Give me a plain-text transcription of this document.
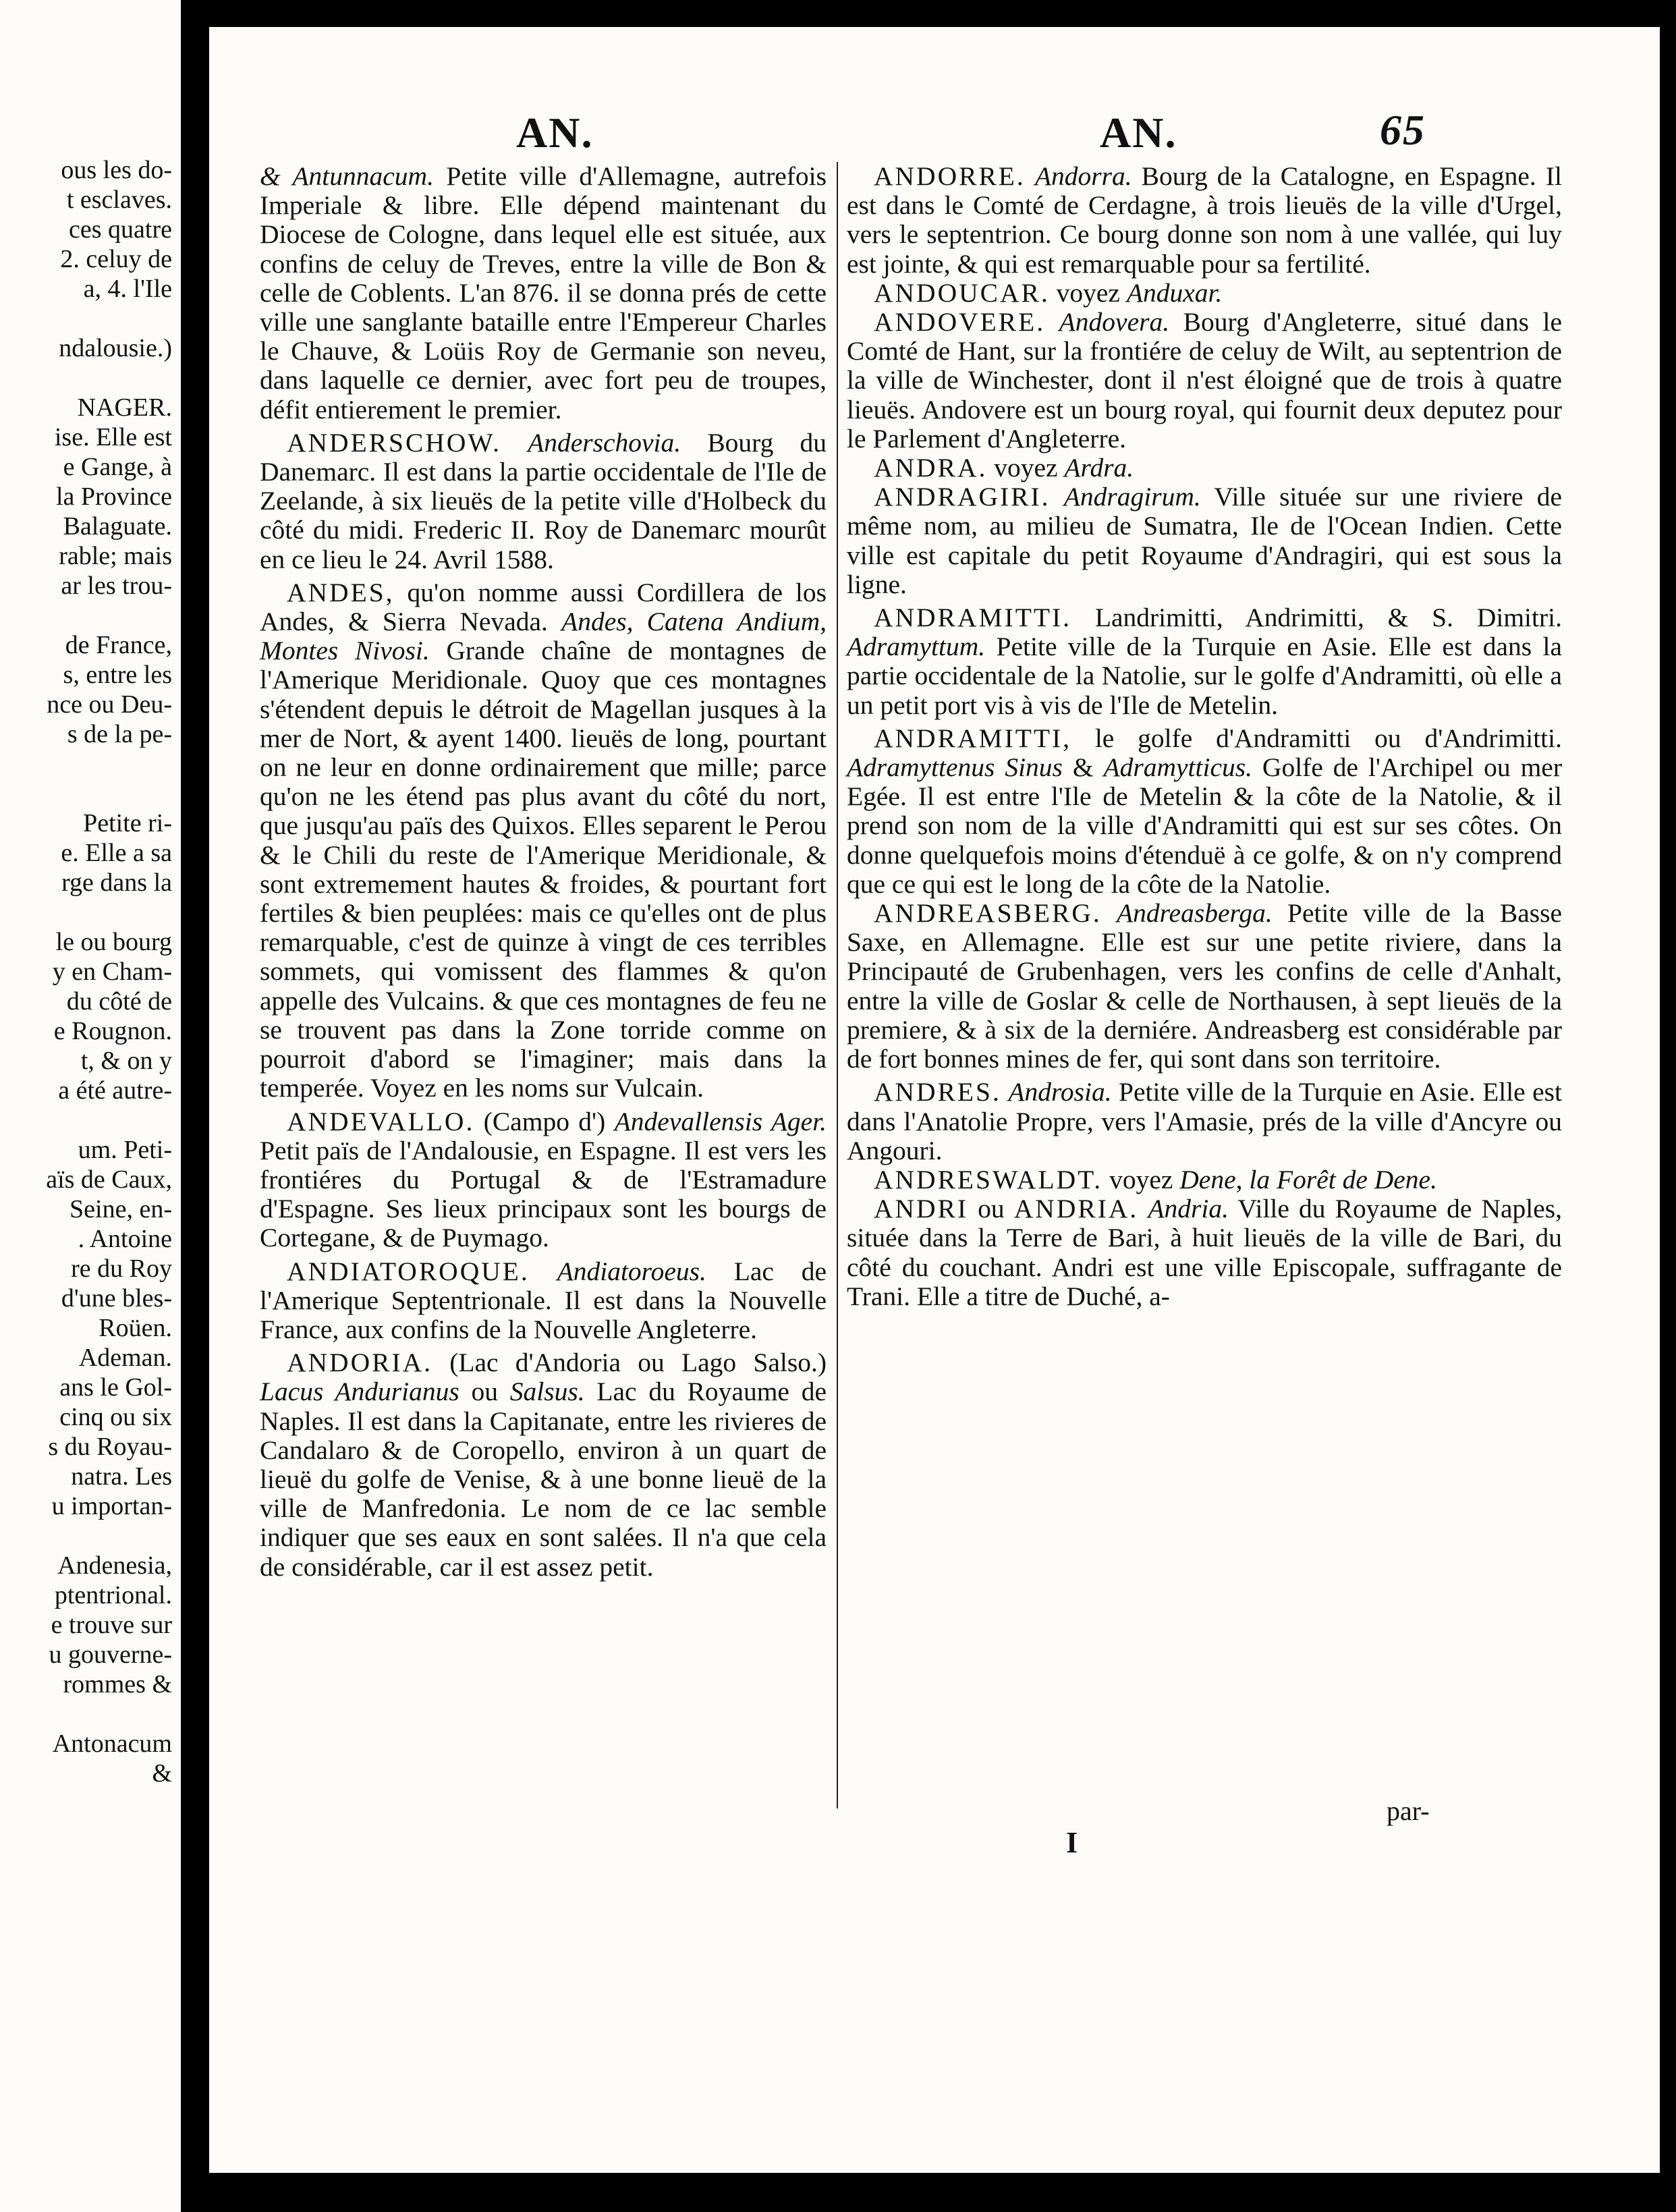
ous les do-
t esclaves.
ces quatre
2. celuy de
a, 4. l'Ile
ndalousie.)
NAGER.
ise. Elle est
e Gange, à
la Province
Balaguate.
rable; mais
ar les trou-
de France,
s, entre les
nce ou Deu-
s de la pe-
Petite ri-
e. Elle a sa
rge dans la
le ou bourg
y en Cham-
du côté de
e Rougnon.
t, & on y
a été autre-
um. Peti-
aïs de Caux,
Seine, en-
. Antoine
re du Roy
d'une bles-
Roüen.
Ademan.
ans le Gol-
cinq ou six
s du Royau-
natra. Les
u importan-
Andenesia,
ptentrional.
e trouve sur
u gouverne-
rommes &
Antonacum
&
AN.	AN.	65

& Antunnacum. Petite ville d'Allemagne, autrefois Imperiale & libre. Elle dépend maintenant du Diocese de Cologne, dans lequel elle est située, aux confins de celuy de Treves, entre la ville de Bon & celle de Coblents. L'an 876. il se donna prés de cette ville une sanglante bataille entre l'Empereur Charles le Chauve, & Loüis Roy de Germanie son neveu, dans laquelle ce dernier, avec fort peu de troupes, défit entierement le premier.

ANDERSCHOW. Anderschovia. Bourg du Danemarc. Il est dans la partie occidentale de l'Ile de Zeelande, à six lieuës de la petite ville d'Holbeck du côté du midi. Frederic II. Roy de Danemarc mourût en ce lieu le 24. Avril 1588.

ANDES, qu'on nomme aussi Cordillera de los Andes, & Sierra Nevada. Andes, Catena Andium, Montes Nivosi. Grande chaîne de montagnes de l'Amerique Meridionale. Quoy que ces montagnes s'étendent depuis le détroit de Magellan jusques à la mer de Nort, & ayent 1400. lieuës de long, pourtant on ne leur en donne ordinairement que mille; parce qu'on ne les étend pas plus avant du côté du nort, que jusqu'au païs des Quixos. Elles separent le Perou & le Chili du reste de l'Amerique Meridionale, & sont extremement hautes & froides, & pourtant fort fertiles & bien peuplées: mais ce qu'elles ont de plus remarquable, c'est de quinze à vingt de ces terribles sommets, qui vomissent des flammes & qu'on appelle des Vulcains. & que ces montagnes de feu ne se trouvent pas dans la Zone torride comme on pourroit d'abord se l'imaginer; mais dans la temperée. Voyez en les noms sur Vulcain.

ANDEVALLO. (Campo d') Andevallensis Ager. Petit païs de l'Andalousie, en Espagne. Il est vers les frontiéres du Portugal & de l'Estramadure d'Espagne. Ses lieux principaux sont les bourgs de Cortegane, & de Puymago.

ANDIATOROQUE. Andiatoroeus. Lac de l'Amerique Septentrionale. Il est dans la Nouvelle France, aux confins de la Nouvelle Angleterre.

ANDORIA. (Lac d'Andoria ou Lago Salso.) Lacus Andurianus ou Salsus. Lac du Royaume de Naples. Il est dans la Capitanate, entre les rivieres de Candalaro & de Coropello, environ à un quart de lieuë du golfe de Venise, & à une bonne lieuë de la ville de Manfredonia. Le nom de ce lac semble indiquer que ses eaux en sont salées. Il n'a que cela de considérable, car il est assez petit.

ANDORRE. Andorra. Bourg de la Catalogne, en Espagne. Il est dans le Comté de Cerdagne, à trois lieuës de la ville d'Urgel, vers le septentrion. Ce bourg donne son nom à une vallée, qui luy est jointe, & qui est remarquable pour sa fertilité.

ANDOUCAR. voyez Anduxar.

ANDOVERE. Andovera. Bourg d'Angleterre, situé dans le Comté de Hant, sur la frontiére de celuy de Wilt, au septentrion de la ville de Winchester, dont il n'est éloigné que de trois à quatre lieuës. Andovere est un bourg royal, qui fournit deux deputez pour le Parlement d'Angleterre.

ANDRA. voyez Ardra.

ANDRAGIRI. Andragirum. Ville située sur une riviere de même nom, au milieu de Sumatra, Ile de l'Ocean Indien. Cette ville est capitale du petit Royaume d'Andragiri, qui est sous la ligne.

ANDRAMITTI. Landrimitti, Andrimitti, & S. Dimitri. Adramyttum. Petite ville de la Turquie en Asie. Elle est dans la partie occidentale de la Natolie, sur le golfe d'Andramitti, où elle a un petit port vis à vis de l'Ile de Metelin.

ANDRAMITTI, le golfe d'Andramitti ou d'Andrimitti. Adramyttenus Sinus & Adramytticus. Golfe de l'Archipel ou mer Egée. Il est entre l'Ile de Metelin & la côte de la Natolie, & il prend son nom de la ville d'Andramitti qui est sur ses côtes. On donne quelquefois moins d'étenduë à ce golfe, & on n'y comprend que ce qui est le long de la côte de la Natolie.

ANDREASBERG. Andreasberga. Petite ville de la Basse Saxe, en Allemagne. Elle est sur une petite riviere, dans la Principauté de Grubenhagen, vers les confins de celle d'Anhalt, entre la ville de Goslar & celle de Northausen, à sept lieuës de la premiere, & à six de la derniére. Andreasberg est considérable par de fort bonnes mines de fer, qui sont dans son territoire.

ANDRES. Androsia. Petite ville de la Turquie en Asie. Elle est dans l'Anatolie Propre, vers l'Amasie, prés de la ville d'Ancyre ou Angouri.

ANDRESWALDT. voyez Dene, la Forêt de Dene.

ANDRI ou ANDRIA. Andria. Ville du Royaume de Naples, située dans la Terre de Bari, à huit lieuës de la ville de Bari, du côté du couchant. Andri est une ville Episcopale, suffragante de Trani. Elle a titre de Duché, a-

I
par-
